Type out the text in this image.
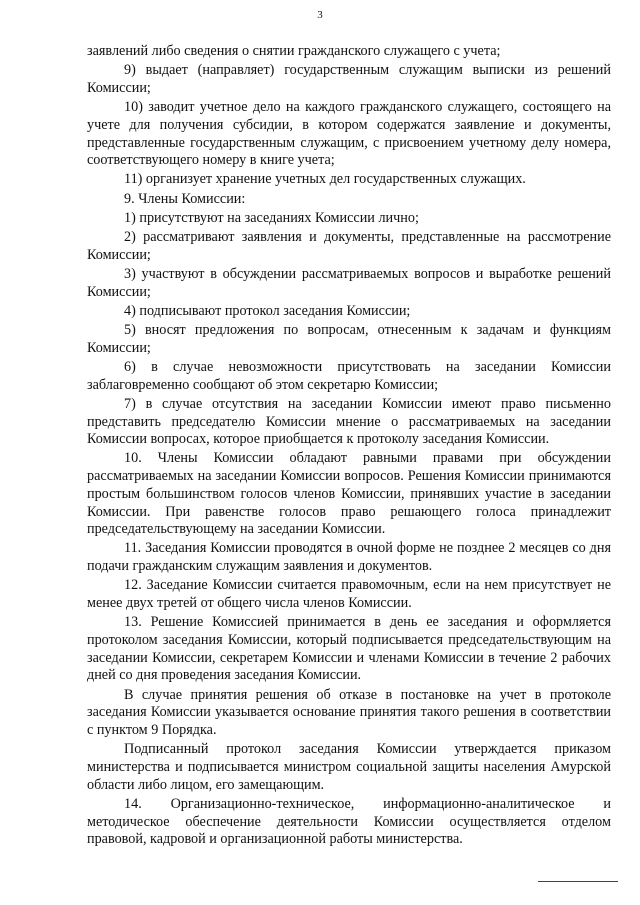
3

заявлений либо сведения о снятии гражданского служащего с учета;

9) выдает (направляет) государственным служащим выписки из решений Комиссии;

10) заводит учетное дело на каждого гражданского служащего, состоящего на учете для получения субсидии, в котором содержатся заявление и документы, представленные государственным служащим, с присвоением учетному делу номера, соответствующего номеру в книге учета;

11) организует хранение учетных дел государственных служащих.

9. Члены Комиссии:

1) присутствуют на заседаниях Комиссии лично;

2) рассматривают заявления и документы, представленные на рассмотрение Комиссии;

3) участвуют в обсуждении рассматриваемых вопросов и выработке решений Комиссии;

4) подписывают протокол заседания Комиссии;

5) вносят предложения по вопросам, отнесенным к задачам и функциям Комиссии;

6) в случае невозможности присутствовать на заседании Комиссии заблаговременно сообщают об этом секретарю Комиссии;

7) в случае отсутствия на заседании Комиссии имеют право письменно представить председателю Комиссии мнение о рассматриваемых на заседании Комиссии вопросах, которое приобщается к протоколу заседания Комиссии.

10. Члены Комиссии обладают равными правами при обсуждении рассматриваемых на заседании Комиссии вопросов. Решения Комиссии принимаются простым большинством голосов членов Комиссии, принявших участие в заседании Комиссии. При равенстве голосов право решающего голоса принадлежит председательствующему на заседании Комиссии.

11. Заседания Комиссии проводятся в очной форме не позднее 2 месяцев со дня подачи гражданским служащим заявления и документов.

12. Заседание Комиссии считается правомочным, если на нем присутствует не менее двух третей от общего числа членов Комиссии.

13. Решение Комиссией принимается в день ее заседания и оформляется протоколом заседания Комиссии, который подписывается председательствующим на заседании Комиссии, секретарем Комиссии и членами Комиссии в течение 2 рабочих дней со дня проведения заседания Комиссии.

В случае принятия решения об отказе в постановке на учет в протоколе заседания Комиссии указывается основание принятия такого решения в соответствии с пунктом 9 Порядка.

Подписанный протокол заседания Комиссии утверждается приказом министерства и подписывается министром социальной защиты населения Амурской области либо лицом, его замещающим.

14. Организационно-техническое, информационно-аналитическое и методическое обеспечение деятельности Комиссии осуществляется отделом правовой, кадровой и организационной работы министерства.
